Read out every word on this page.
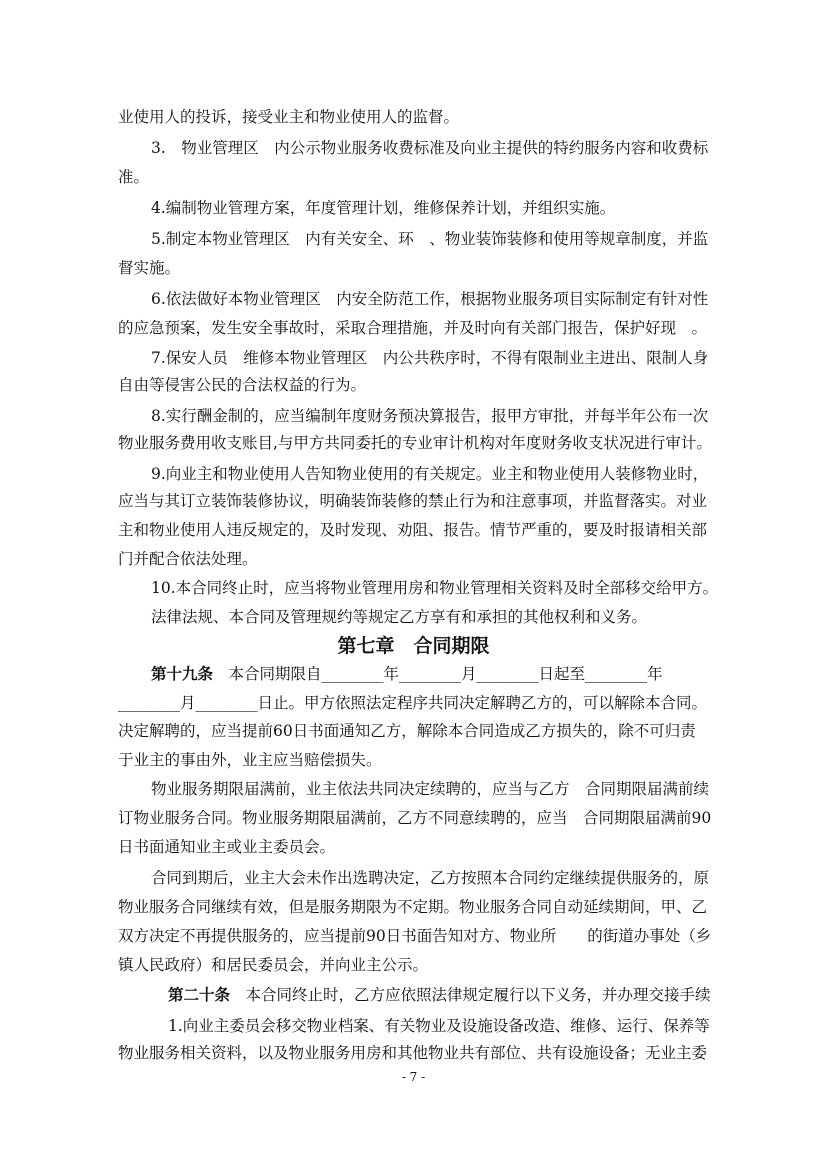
业使用人的投诉，接受业主和物业使用人的监督。
3.　物业管理区　内公示物业服务收费标准及向业主提供的特约服务内容和收费标
准。
4.编制物业管理方案，年度管理计划，维修保养计划，并组织实施。
5.制定本物业管理区　内有关安全、环　、物业装饰装修和使用等规章制度，并监
督实施。
6.依法做好本物业管理区　内安全防范工作，根据物业服务项目实际制定有针对性
的应急预案，发生安全事故时，采取合理措施，并及时向有关部门报告，保护好现　。
7.保安人员　维修本物业管理区　内公共秩序时，不得有限制业主进出、限制人身
自由等侵害公民的合法权益的行为。
8.实行酬金制的，应当编制年度财务预决算报告，报甲方审批，并每半年公布一次
物业服务费用收支账目,与甲方共同委托的专业审计机构对年度财务收支状况进行审计。
9.向业主和物业使用人告知物业使用的有关规定。业主和物业使用人装修物业时，
应当与其订立装饰装修协议，明确装饰装修的禁止行为和注意事项，并监督落实。对业
主和物业使用人违反规定的，及时发现、劝阻、报告。情节严重的，要及时报请相关部
门并配合依法处理。
10.本合同终止时，应当将物业管理用房和物业管理相关资料及时全部移交给甲方。
法律法规、本合同及管理规约等规定乙方享有和承担的其他权利和义务。
第七章　合同期限
第十九条　本合同期限自________年________月________日起至________年
________月________日止。甲方依照法定程序共同决定解聘乙方的，可以解除本合同。
决定解聘的，应当提前60日书面通知乙方，解除本合同造成乙方损失的，除不可归责
于业主的事由外，业主应当赔偿损失。
物业服务期限届满前，业主依法共同决定续聘的，应当与乙方　合同期限届满前续
订物业服务合同。物业服务期限届满前，乙方不同意续聘的，应当　合同期限届满前90
日书面通知业主或业主委员会。
合同到期后，业主大会未作出选聘决定，乙方按照本合同约定继续提供服务的，原
物业服务合同继续有效，但是服务期限为不定期。物业服务合同自动延续期间，甲、乙
双方决定不再提供服务的，应当提前90日书面告知对方、物业所　　的街道办事处（乡
镇人民政府）和居民委员会，并向业主公示。
第二十条　本合同终止时，乙方应依照法律规定履行以下义务，并办理交接手续
1.向业主委员会移交物业档案、有关物业及设施设备改造、维修、运行、保养等
物业服务相关资料，以及物业服务用房和其他物业共有部位、共有设施设备；无业主委
- 7 -
